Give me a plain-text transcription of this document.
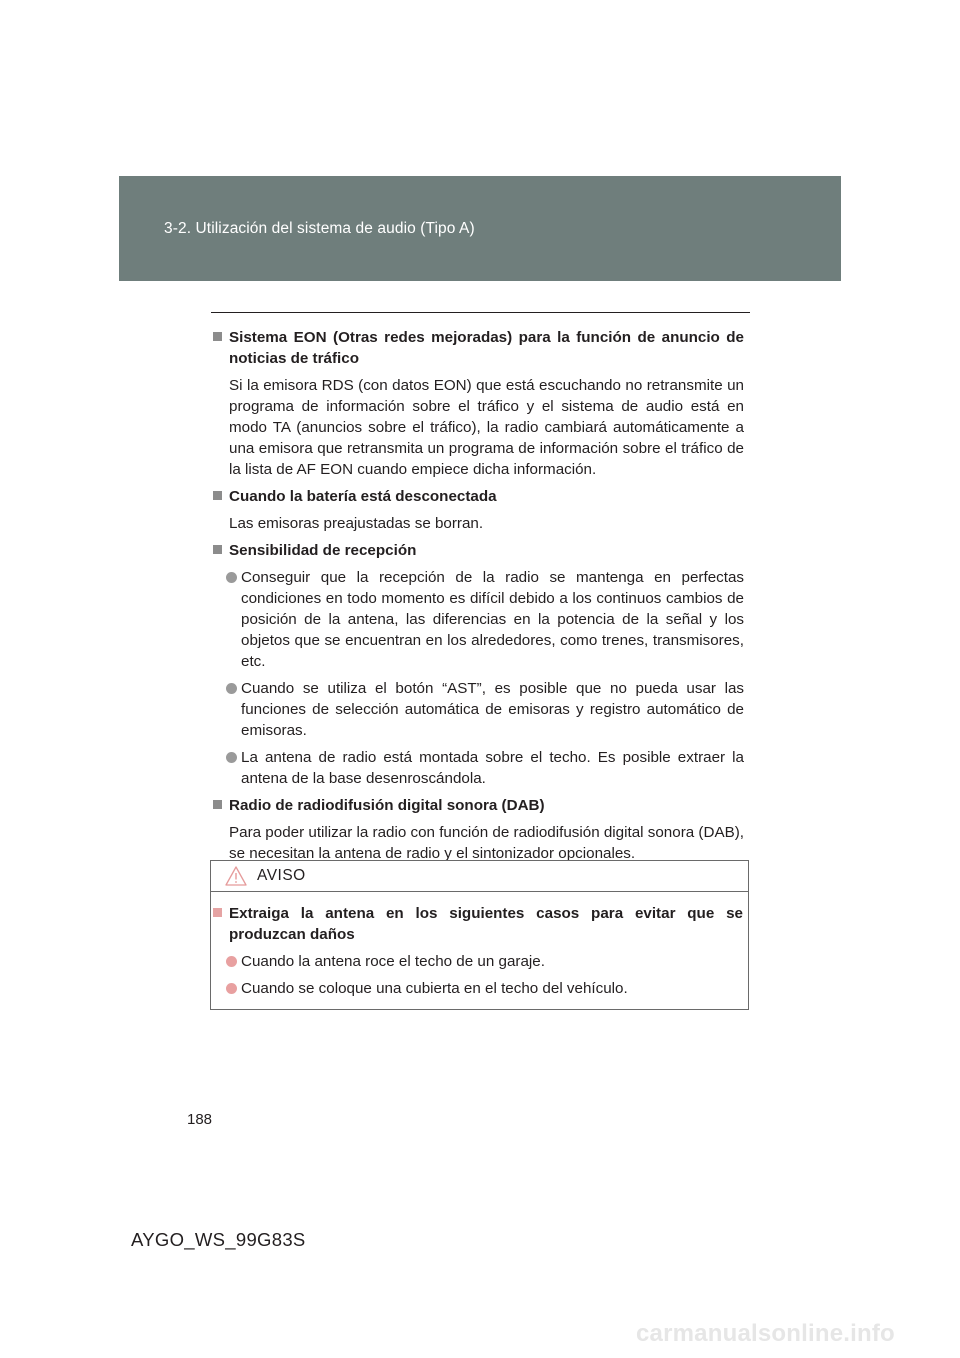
3-2. Utilización del sistema de audio (Tipo A)
Sistema EON (Otras redes mejoradas) para la función de anuncio de noticias de tráfico
Si la emisora RDS (con datos EON) que está escuchando no retransmite un programa de información sobre el tráfico y el sistema de audio está en modo TA (anuncios sobre el tráfico), la radio cambiará automáticamente a una emisora que retransmita un programa de información sobre el tráfico de la lista de AF EON cuando empiece dicha información.
Cuando la batería está desconectada
Las emisoras preajustadas se borran.
Sensibilidad de recepción
Conseguir que la recepción de la radio se mantenga en perfectas condiciones en todo momento es difícil debido a los continuos cambios de posición de la antena, las diferencias en la potencia de la señal y los objetos que se encuentran en los alrededores, como trenes, transmisores, etc.
Cuando se utiliza el botón “AST”, es posible que no pueda usar las funciones de selección automática de emisoras y registro automático de emisoras.
La antena de radio está montada sobre el techo. Es posible extraer la antena de la base desenroscándola.
Radio de radiodifusión digital sonora (DAB)
Para poder utilizar la radio con función de radiodifusión digital sonora (DAB), se necesitan la antena de radio y el sintonizador opcionales.
AVISO
Extraiga la antena en los siguientes casos para evitar que se produzcan daños
Cuando la antena roce el techo de un garaje.
Cuando se coloque una cubierta en el techo del vehículo.
188
AYGO_WS_99G83S
carmanualsonline.info
